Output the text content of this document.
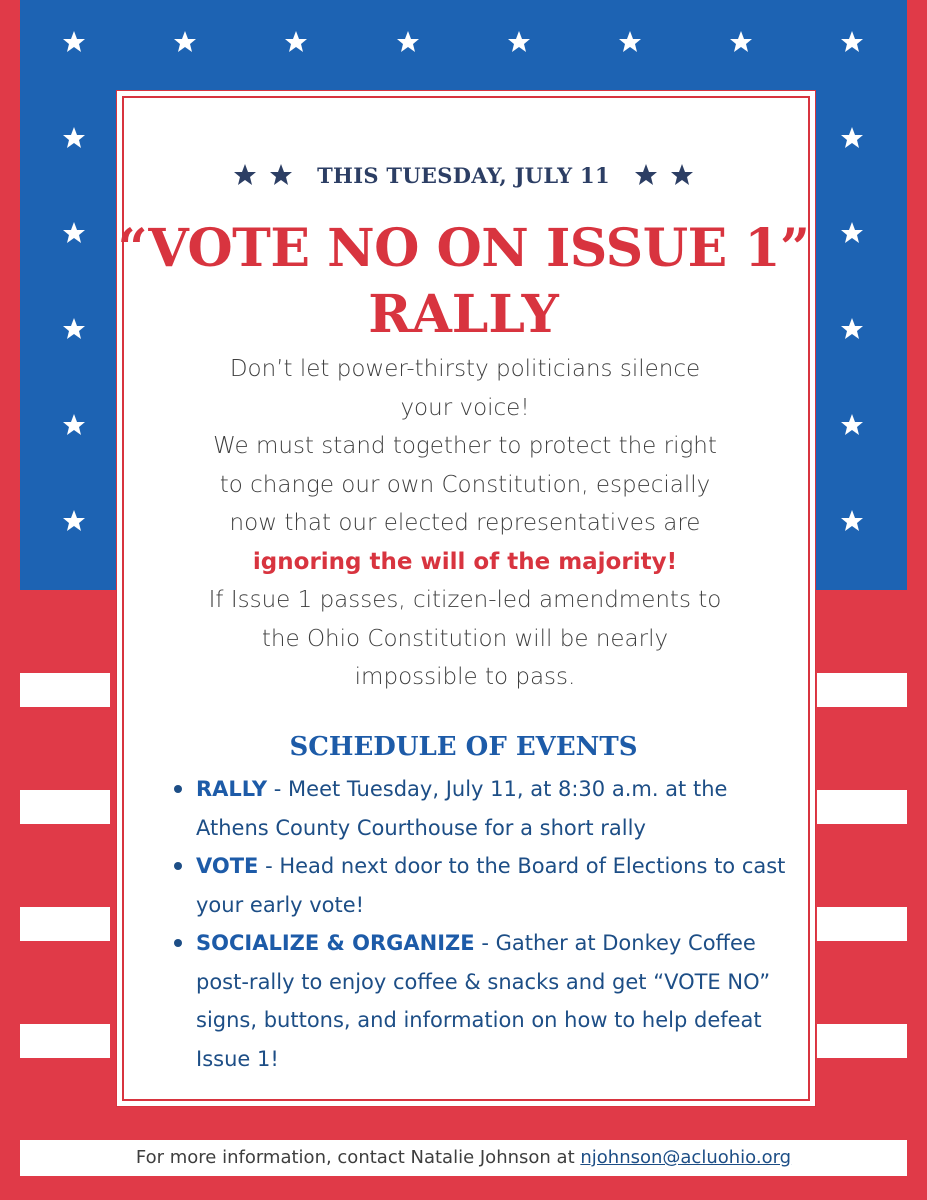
THIS TUESDAY, JULY 11
“VOTE NO ON ISSUE 1”
RALLY
Don’t let power-thirsty politicians silence
your voice!
We must stand together to protect the right
to change our own Constitution, especially
now that our elected representatives are
ignoring the will of the majority!
If Issue 1 passes, citizen-led amendments to
the Ohio Constitution will be nearly
impossible to pass.
SCHEDULE OF EVENTS
RALLY - Meet Tuesday, July 11, at 8:30 a.m. at the Athens County Courthouse for a short rally
VOTE - Head next door to the Board of Elections to cast your early vote!
SOCIALIZE & ORGANIZE - Gather at Donkey Coffee post-rally to enjoy coffee & snacks and get “VOTE NO” signs, buttons, and information on how to help defeat Issue 1!
For more information, contact Natalie Johnson at njohnson@acluohio.org
